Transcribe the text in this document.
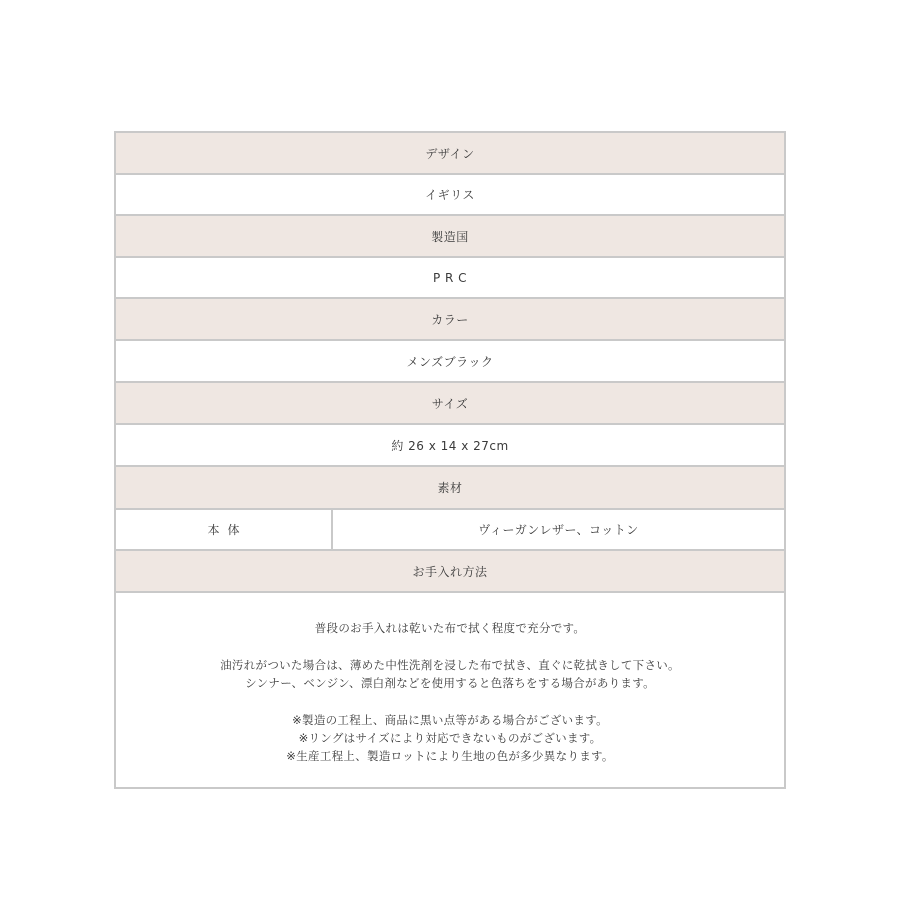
デザイン
イギリス
製造国
P R C
カラー
メンズブラック
サイズ
約 26 x 14 x 27cm
素材
本体	ヴィーガンレザー、コットン
お手入れ方法

普段のお手入れは乾いた布で拭く程度で充分です。

油汚れがついた場合は、薄めた中性洗剤を浸した布で拭き、直ぐに乾拭きして下さい。

シンナー、ベンジン、漂白剤などを使用すると色落ちをする場合があります。

※製造の工程上、商品に黒い点等がある場合がございます。

※リングはサイズにより対応できないものがございます。

※生産工程上、製造ロットにより生地の色が多少異なります。
